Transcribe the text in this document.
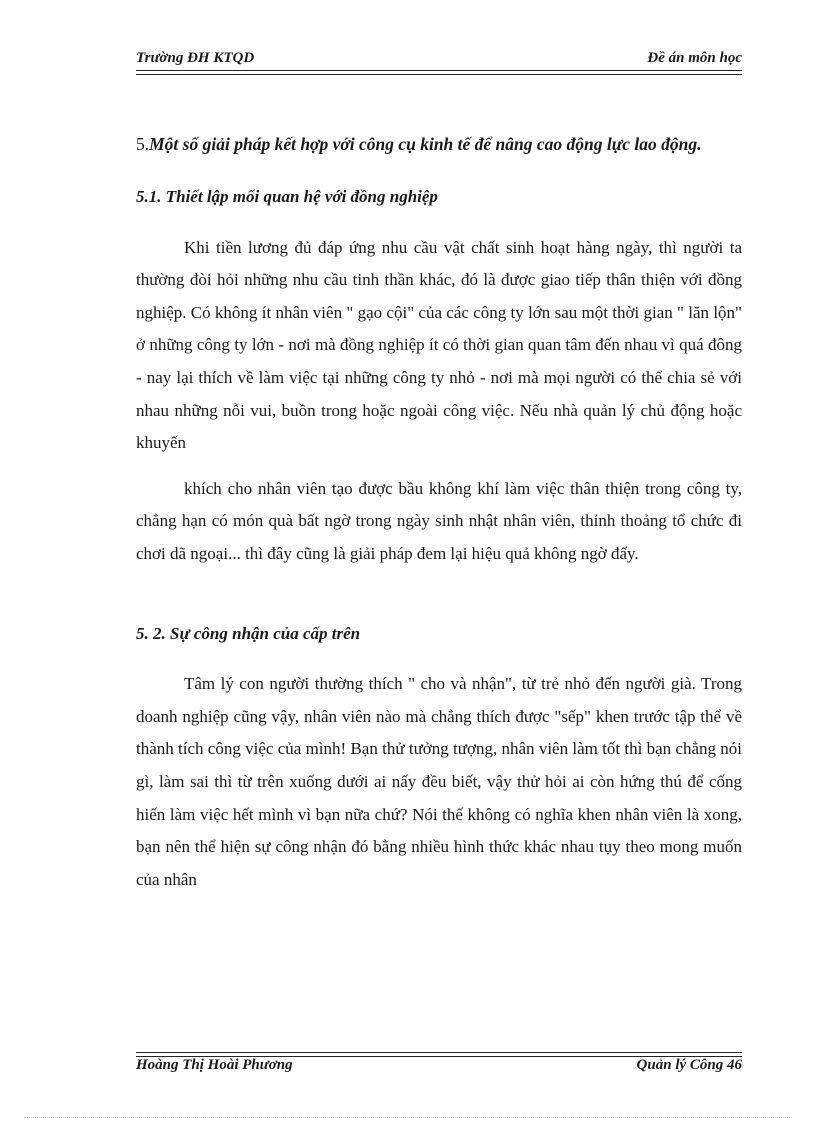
Trường ĐH KTQD	Đề án môn học
5.Một số giải pháp kết hợp với công cụ kinh tế để nâng cao động lực lao động.
5.1. Thiết lập mối quan hệ với đồng nghiệp

Khi tiền lương đủ đáp ứng nhu cầu vật chất sinh hoạt hàng ngày, thì người ta thường đòi hỏi những nhu cầu tinh thần khác, đó là được giao tiếp thân thiện với đồng nghiệp. Có không ít nhân viên " gạo cội" của các công ty lớn sau một thời gian " lăn lộn" ở những công ty lớn - nơi mà đồng nghiệp ít có thời gian quan tâm đến nhau vì quá đông - nay lại thích về làm việc tại những công ty nhỏ - nơi mà mọi người có thể chia sẻ với nhau những nỗi vui, buồn trong hoặc ngoài công việc. Nếu nhà quản lý chủ động hoặc khuyến

khích cho nhân viên tạo được bầu không khí làm việc thân thiện trong công ty, chẳng hạn có món quà bất ngờ trong ngày sinh nhật nhân viên, thỉnh thoảng tổ chức đi chơi dã ngoại... thì đây cũng là giải pháp đem lại hiệu quả không ngờ đấy.

5. 2. Sự công nhận của cấp trên

Tâm lý con người thường thích " cho và nhận", từ trẻ nhỏ đến người già. Trong doanh nghiệp cũng vậy, nhân viên nào mà chẳng thích được "sếp" khen trước tập thể về thành tích công việc của mình! Bạn thử tưởng tượng, nhân viên làm tốt thì bạn chẳng nói gì, làm sai thì từ trên xuống dưới ai nấy đều biết, vậy thử hỏi ai còn hứng thú để cống hiến làm việc hết mình vì bạn nữa chứ? Nói thế không có nghĩa khen nhân viên là xong, bạn nên thể hiện sự công nhận đó bằng nhiều hình thức khác nhau tụy theo mong muốn của nhân

Hoàng Thị Hoài Phương	Quản lý Công 46
